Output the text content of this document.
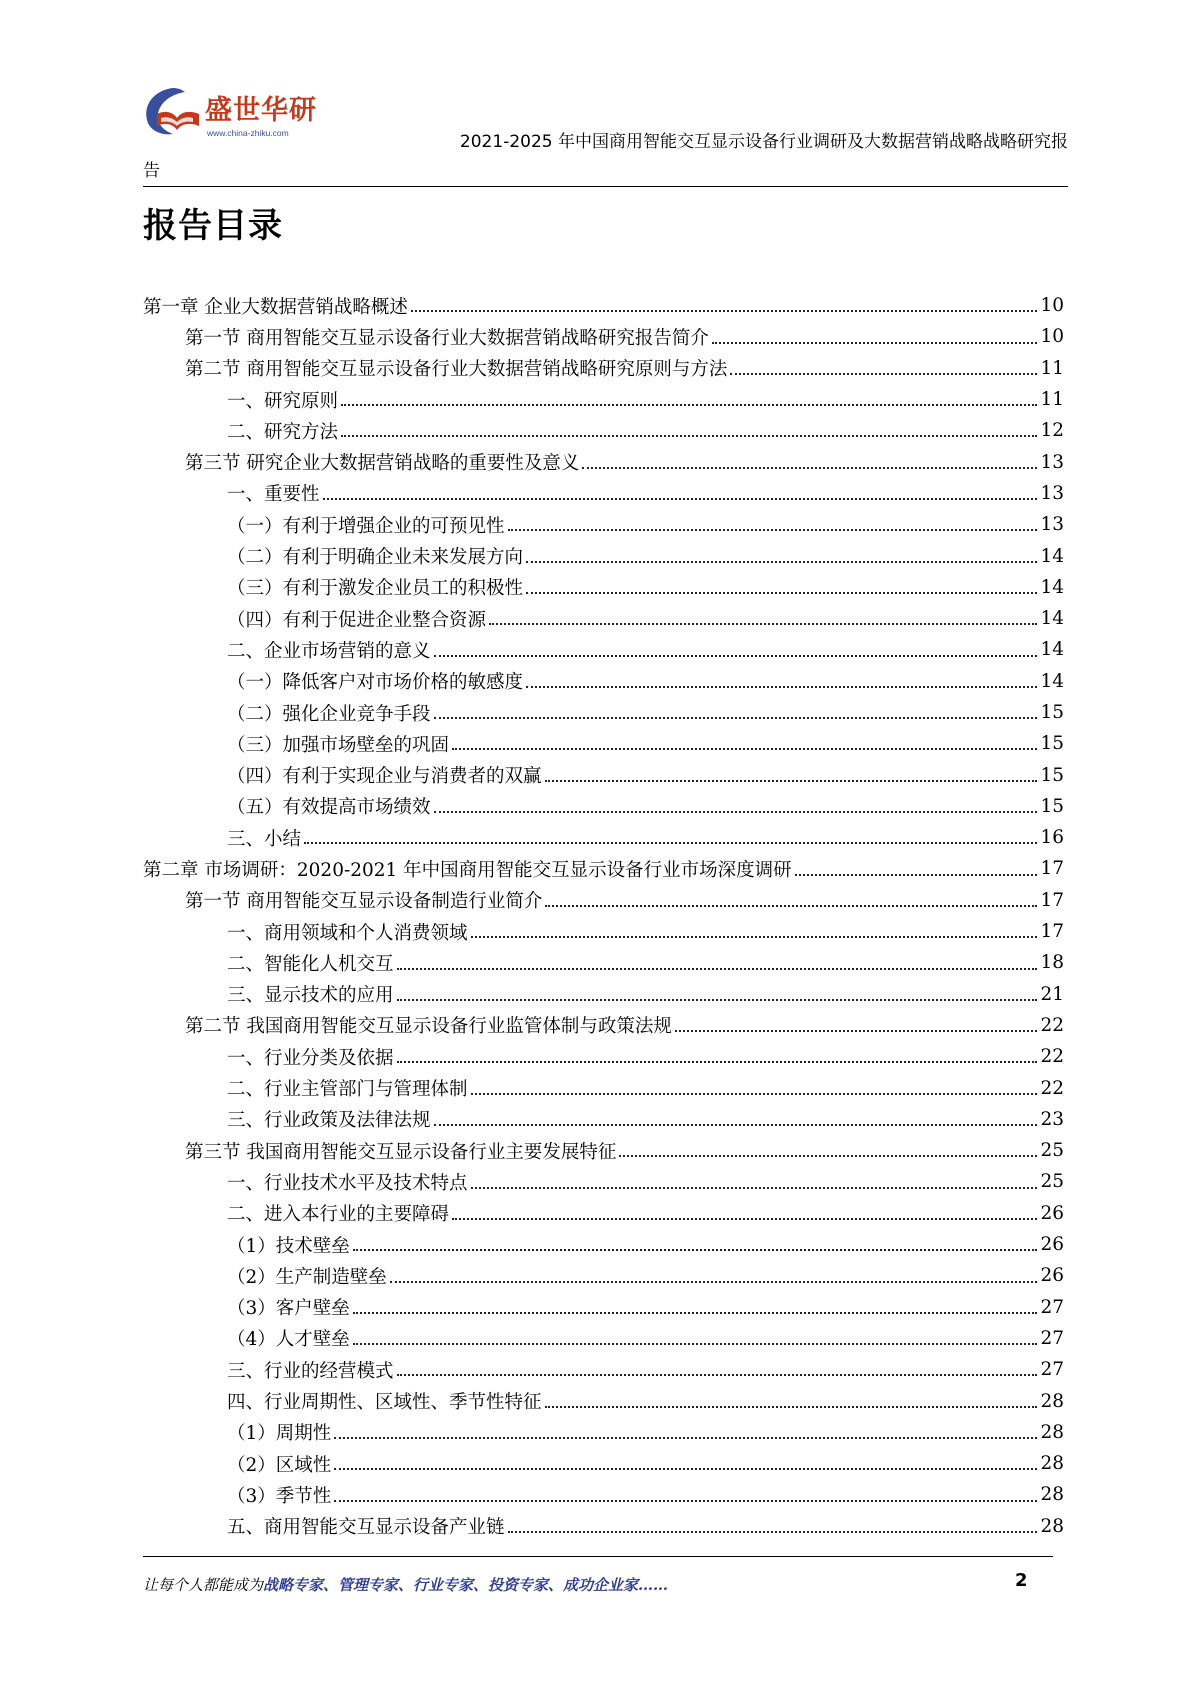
盛世华研
www.china-zhiku.com	2021-2025 年中国商用智能交互显示设备行业调研及大数据营销战略战略研究报
告
报告目录
第一章 企业大数据营销战略概述	10
第一节 商用智能交互显示设备行业大数据营销战略研究报告简介	10
第二节 商用智能交互显示设备行业大数据营销战略研究原则与方法	11
一、研究原则	11
二、研究方法	12
第三节 研究企业大数据营销战略的重要性及意义	13
一、重要性	13
（一）有利于增强企业的可预见性	13
（二）有利于明确企业未来发展方向	14
（三）有利于激发企业员工的积极性	14
（四）有利于促进企业整合资源	14
二、企业市场营销的意义	14
（一）降低客户对市场价格的敏感度	14
（二）强化企业竞争手段	15
（三）加强市场壁垒的巩固	15
（四）有利于实现企业与消费者的双赢	15
（五）有效提高市场绩效	15
三、小结	16
第二章 市场调研：2020-2021 年中国商用智能交互显示设备行业市场深度调研	17
第一节 商用智能交互显示设备制造行业简介	17
一、商用领域和个人消费领域	17
二、智能化人机交互	18
三、显示技术的应用	21
第二节 我国商用智能交互显示设备行业监管体制与政策法规	22
一、行业分类及依据	22
二、行业主管部门与管理体制	22
三、行业政策及法律法规	23
第三节 我国商用智能交互显示设备行业主要发展特征	25
一、行业技术水平及技术特点	25
二、进入本行业的主要障碍	26
（1）技术壁垒	26
（2）生产制造壁垒	26
（3）客户壁垒	27
（4）人才壁垒	27
三、行业的经营模式	27
四、行业周期性、区域性、季节性特征	28
（1）周期性	28
（2）区域性	28
（3）季节性	28
五、商用智能交互显示设备产业链	28
让每个人都能成为战略专家、管理专家、行业专家、投资专家、成功企业家……	2
